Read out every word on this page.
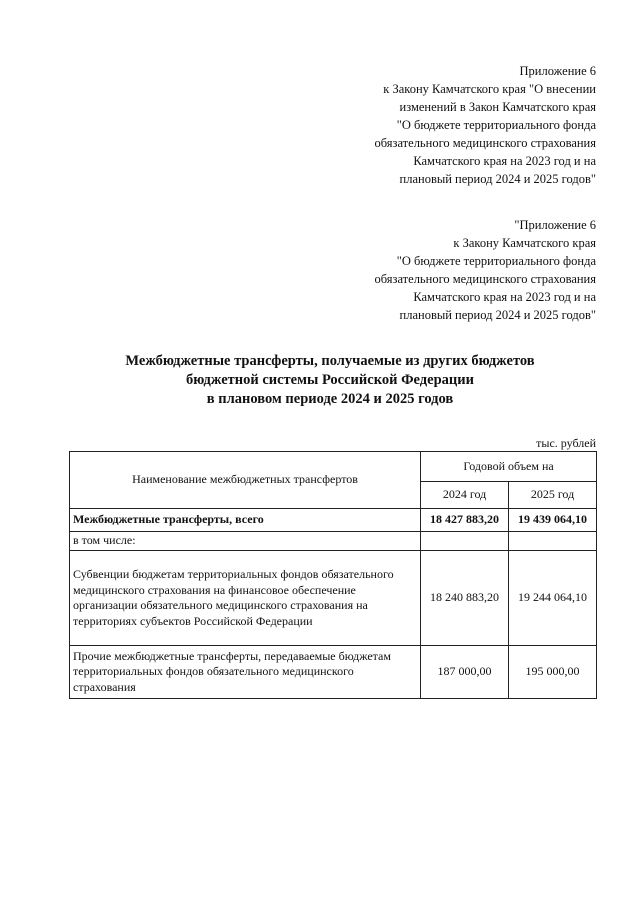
Приложение 6
к Закону Камчатского края "О внесении
изменений в Закон Камчатского края
"О бюджете территориального фонда
обязательного медицинского страхования
Камчатского края на 2023 год и на
плановый период 2024 и 2025 годов"
"Приложение 6
к Закону Камчатского края
"О бюджете территориального фонда
обязательного медицинского страхования
Камчатского края на 2023 год и на
плановый период 2024 и 2025 годов"
Межбюджетные трансферты, получаемые из других бюджетов
бюджетной системы Российской Федерации
в плановом периоде 2024 и 2025 годов
тыс. рублей
Наименование межбюджетных трансфертов	Годовой объем на	
	2024 год	2025 год
Межбюджетные трансферты, всего	18 427 883,20	19 439 064,10
в том числе:		
Субвенции бюджетам территориальных фондов обязательного медицинского страхования на финансовое обеспечение организации обязательного медицинского страхования на территориях субъектов Российской Федерации	18 240 883,20	19 244 064,10
Прочие межбюджетные трансферты, передаваемые бюджетам территориальных фондов обязательного медицинского страхования	187 000,00	195 000,00
